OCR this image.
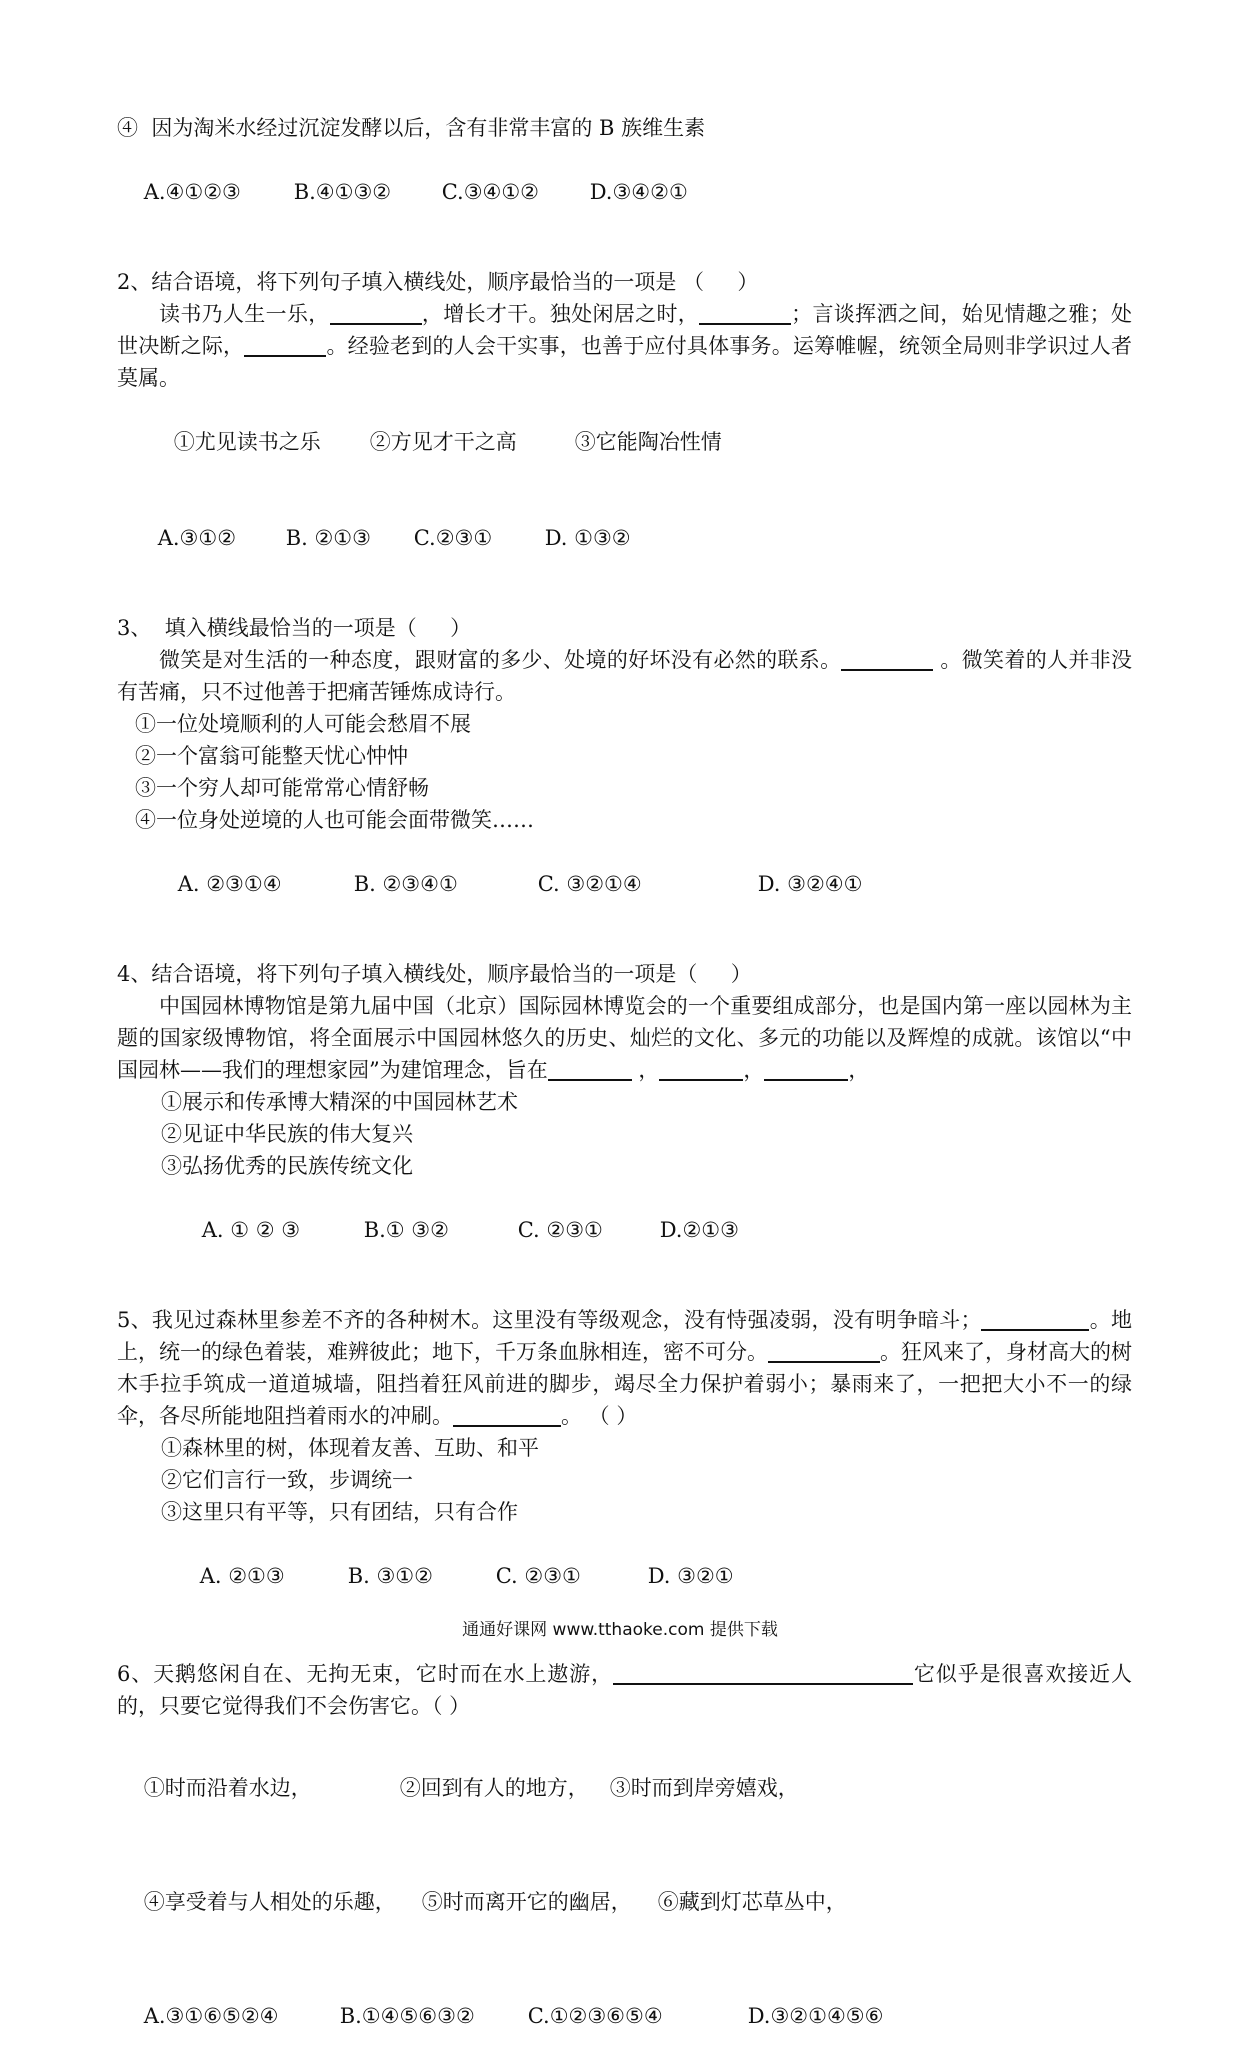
④  因为淘米水经过沉淀发酵以后，含有非常丰富的 B 族维生素

A.④①②③	B.④①③② C.③④①② D.③④②①

2、结合语境，将下列句子填入横线处，顺序最恰当的一项是 （     ）
读书乃人生一乐，	，增长才干。独处闲居之时，	；言谈挥洒之间，始见情趣之雅；处世决断之际，	。经验老到的人会干实事，也善于应付具体事务。运筹帷幄，统领全局则非学识过人者莫属。

①尤见读书之乐 ②方见才干之高	③它能陶冶性情

A.③①② B. ②①③ C.②③①	D. ①③②

3、  填入横线最恰当的一项是（     ）
微笑是对生活的一种态度，跟财富的多少、处境的好坏没有必然的联系。	。微笑着的人并非没有苦痛，只不过他善于把痛苦锤炼成诗行。
①一位处境顺利的人可能会愁眉不展
②一个富翁可能整天忧心忡忡
③一个穷人却可能常常心情舒畅
④一位身处逆境的人也可能会面带微笑……

A. ②③①④	B. ②③④①	C. ③②①④	D. ③②④①

4、结合语境，将下列句子填入横线处，顺序最恰当的一项是（     ）
中国园林博物馆是第九届中国（北京）国际园林博览会的一个重要组成部分，也是国内第一座以园林为主题的国家级博物馆，将全面展示中国园林悠久的历史、灿烂的文化、多元的功能以及辉煌的成就。该馆以“中国园林——我们的理想家园”为建馆理念，旨在	，	，	，
①展示和传承博大精深的中国园林艺术
②见证中华民族的伟大复兴
③弘扬优秀的民族传统文化

A. ① ② ③	B.① ③②	C. ②③①	D.②①③

5、我见过森林里参差不齐的各种树木。这里没有等级观念，没有恃强凌弱，没有明争暗斗；	。地上，统一的绿色着装，难辨彼此；地下，千万条血脉相连，密不可分。	。狂风来了，身材高大的树木手拉手筑成一道道城墙，阻挡着狂风前进的脚步，竭尽全力保护着弱小；暴雨来了，一把把大小不一的绿伞，各尽所能地阻挡着雨水的冲刷。	。 （ ）
①森林里的树，体现着友善、互助、和平
②它们言行一致，步调统一
③这里只有平等，只有团结，只有合作

A. ②①③	B. ③①②	C. ②③①	D. ③②①

6、天鹅悠闲自在、无拘无束，它时而在水上遨游，	它似乎是很喜欢接近人的，只要它觉得我们不会伤害它。（ ）

①时而沿着水边，	②回到有人的地方， ③时而到岸旁嬉戏，

④享受着与人相处的乐趣， ⑤时而离开它的幽居， ⑥藏到灯芯草丛中，

A.③①⑥⑤②④	B.①④⑤⑥③②	C.①②③⑥⑤④	D.③②①④⑤⑥

通通好课网 www.tthaoke.com 提供下载
